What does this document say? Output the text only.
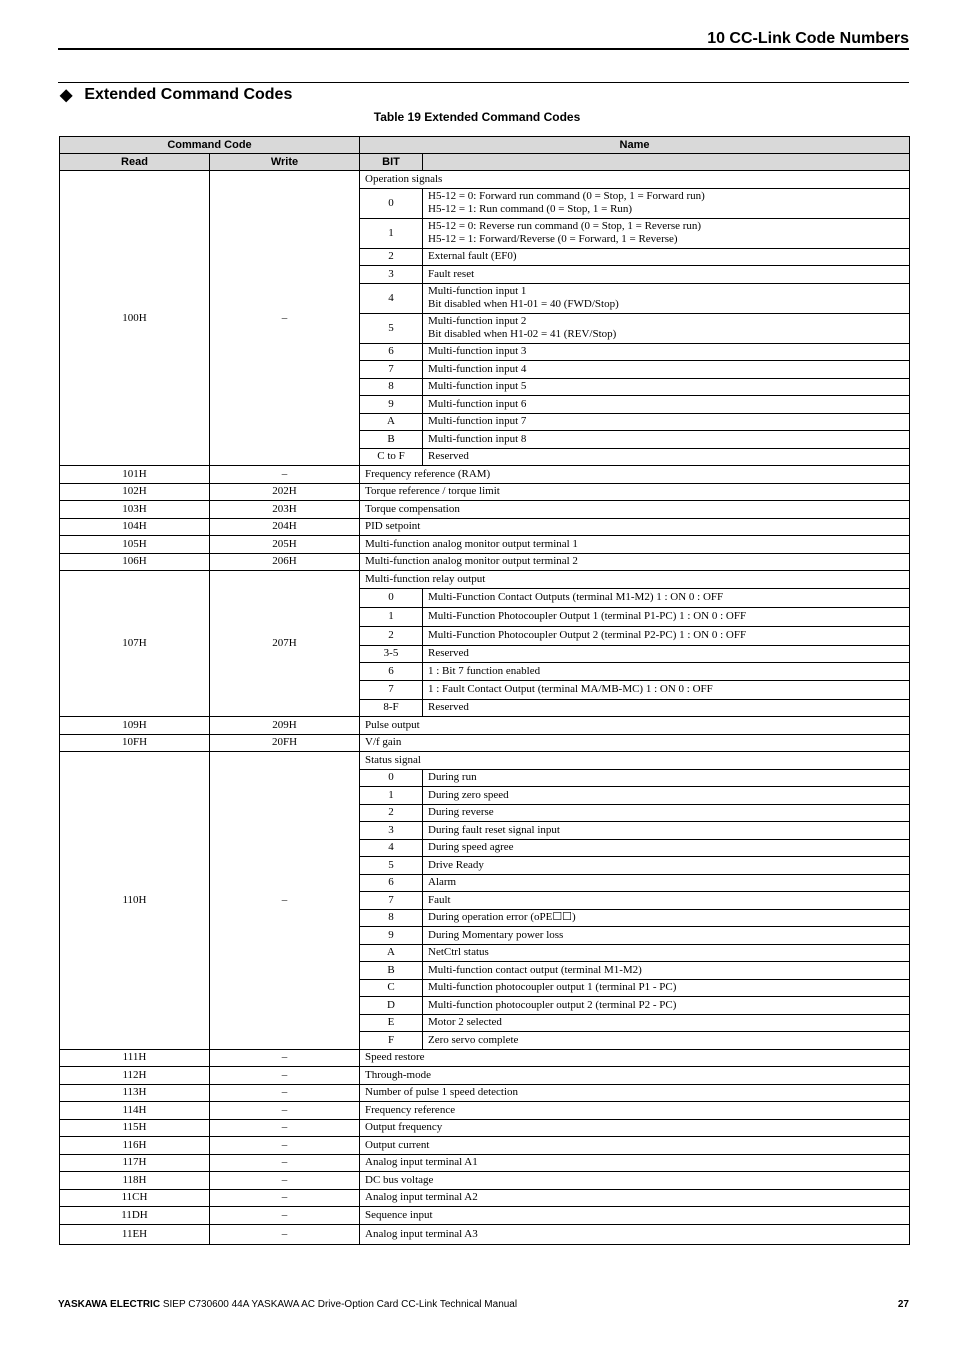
10 CC-Link Code Numbers
◆ Extended Command Codes
Table 19 Extended Command Codes
Command Code		Name	
Read	Write	BIT	
100H	–	Operation signals	
		0	H5-12 = 0: Forward run command (0 = Stop, 1 = Forward run)
H5-12 = 1: Run command (0 = Stop, 1 = Run)

		1	H5-12 = 0: Reverse run command (0 = Stop, 1 = Reverse run)
H5-12 = 1: Forward/Reverse (0 = Forward, 1 = Reverse)

		2	External fault (EF0)

		3	Fault reset

		4	Multi-function input 1
Bit disabled when H1-01 = 40 (FWD/Stop)

		5	Multi-function input 2
Bit disabled when H1-02 = 41 (REV/Stop)

		6	Multi-function input 3

		7	Multi-function input 4

		8	Multi-function input 5

		9	Multi-function input 6

		A	Multi-function input 7

		B	Multi-function input 8

		C to F	Reserved

101H	–	Frequency reference (RAM)	
102H	202H	Torque reference / torque limit	
103H	203H	Torque compensation	
104H	204H	PID setpoint	
105H	205H	Multi-function analog monitor output terminal 1	
106H	206H	Multi-function analog monitor output terminal 2	
107H	207H	Multi-function relay output	
		0	Multi-Function Contact Outputs (terminal M1-M2) 1 : ON 0 : OFF

		1	Multi-Function Photocoupler Output 1 (terminal P1-PC) 1 : ON 0 : OFF

		2	Multi-Function Photocoupler Output 2 (terminal P2-PC) 1 : ON 0 : OFF

		3-5	Reserved

		6	1 : Bit 7 function enabled

		7	1 : Fault Contact Output (terminal MA/MB-MC) 1 : ON 0 : OFF

		8-F	Reserved

109H	209H	Pulse output	
10FH	20FH	V/f gain	
110H	–	Status signal	
		0	During run

		1	During zero speed

		2	During reverse

		3	During fault reset signal input

		4	During speed agree

		5	Drive Ready

		6	Alarm

		7	Fault

		8	During operation error (oPE☐☐)

		9	During Momentary power loss

		A	NetCtrl status

		B	Multi-function contact output (terminal M1-M2)

		C	Multi-function photocoupler output 1 (terminal P1 - PC)

		D	Multi-function photocoupler output 2 (terminal P2 - PC)

		E	Motor 2 selected

		F	Zero servo complete

111H	–	Speed restore	
112H	–	Through-mode	
113H	–	Number of pulse 1 speed detection	
114H	–	Frequency reference	
115H	–	Output frequency	
116H	–	Output current	
117H	–	Analog input terminal A1	
118H	–	DC bus voltage	
11CH	–	Analog input terminal A2	
11DH	–	Sequence input	
11EH	–	Analog input terminal A3	
YASKAWA ELECTRIC SIEP C730600 44A YASKAWA AC Drive-Option Card CC-Link Technical Manual	27
